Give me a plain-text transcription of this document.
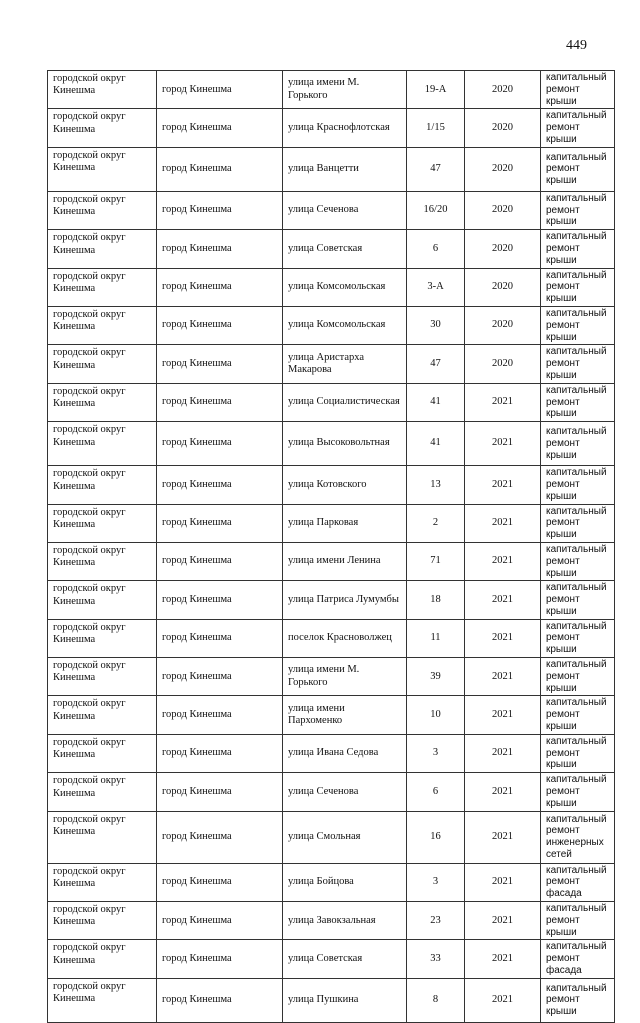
449
городской округ Кинешма	город Кинешма	улица имени М. Горького	19-А	2020	капитальный ремонт крыши
городской округ Кинешма	город Кинешма	улица Краснофлотская	1/15	2020	капитальный ремонт крыши
городской округ Кинешма	город Кинешма	улица Ванцетти	47	2020	капитальный ремонт крыши
городской округ Кинешма	город Кинешма	улица Сеченова	16/20	2020	капитальный ремонт крыши
городской округ Кинешма	город Кинешма	улица Советская	6	2020	капитальный ремонт крыши
городской округ Кинешма	город Кинешма	улица Комсомольская	3-А	2020	капитальный ремонт крыши
городской округ Кинешма	город Кинешма	улица Комсомольская	30	2020	капитальный ремонт крыши
городской округ Кинешма	город Кинешма	улица Аристарха Макарова	47	2020	капитальный ремонт крыши
городской округ Кинешма	город Кинешма	улица Социалистическая	41	2021	капитальный ремонт крыши
городской округ Кинешма	город Кинешма	улица Высоковольтная	41	2021	капитальный ремонт крыши
городской округ Кинешма	город Кинешма	улица Котовского	13	2021	капитальный ремонт крыши
городской округ Кинешма	город Кинешма	улица Парковая	2	2021	капитальный ремонт крыши
городской округ Кинешма	город Кинешма	улица имени Ленина	71	2021	капитальный ремонт крыши
городской округ Кинешма	город Кинешма	улица Патриса Лумумбы	18	2021	капитальный ремонт крыши
городской округ Кинешма	город Кинешма	поселок Красноволжец	11	2021	капитальный ремонт крыши
городской округ Кинешма	город Кинешма	улица имени М. Горького	39	2021	капитальный ремонт крыши
городской округ Кинешма	город Кинешма	улица имени Пархоменко	10	2021	капитальный ремонт крыши
городской округ Кинешма	город Кинешма	улица Ивана Седова	3	2021	капитальный ремонт крыши
городской округ Кинешма	город Кинешма	улица Сеченова	6	2021	капитальный ремонт крыши
городской округ Кинешма	город Кинешма	улица Смольная	16	2021	капитальный ремонт инженерных сетей
городской округ Кинешма	город Кинешма	улица Бойцова	3	2021	капитальный ремонт фасада
городской округ Кинешма	город Кинешма	улица Завокзальная	23	2021	капитальный ремонт крыши
городской округ Кинешма	город Кинешма	улица Советская	33	2021	капитальный ремонт фасада
городской округ Кинешма	город Кинешма	улица Пушкина	8	2021	капитальный ремонт крыши
